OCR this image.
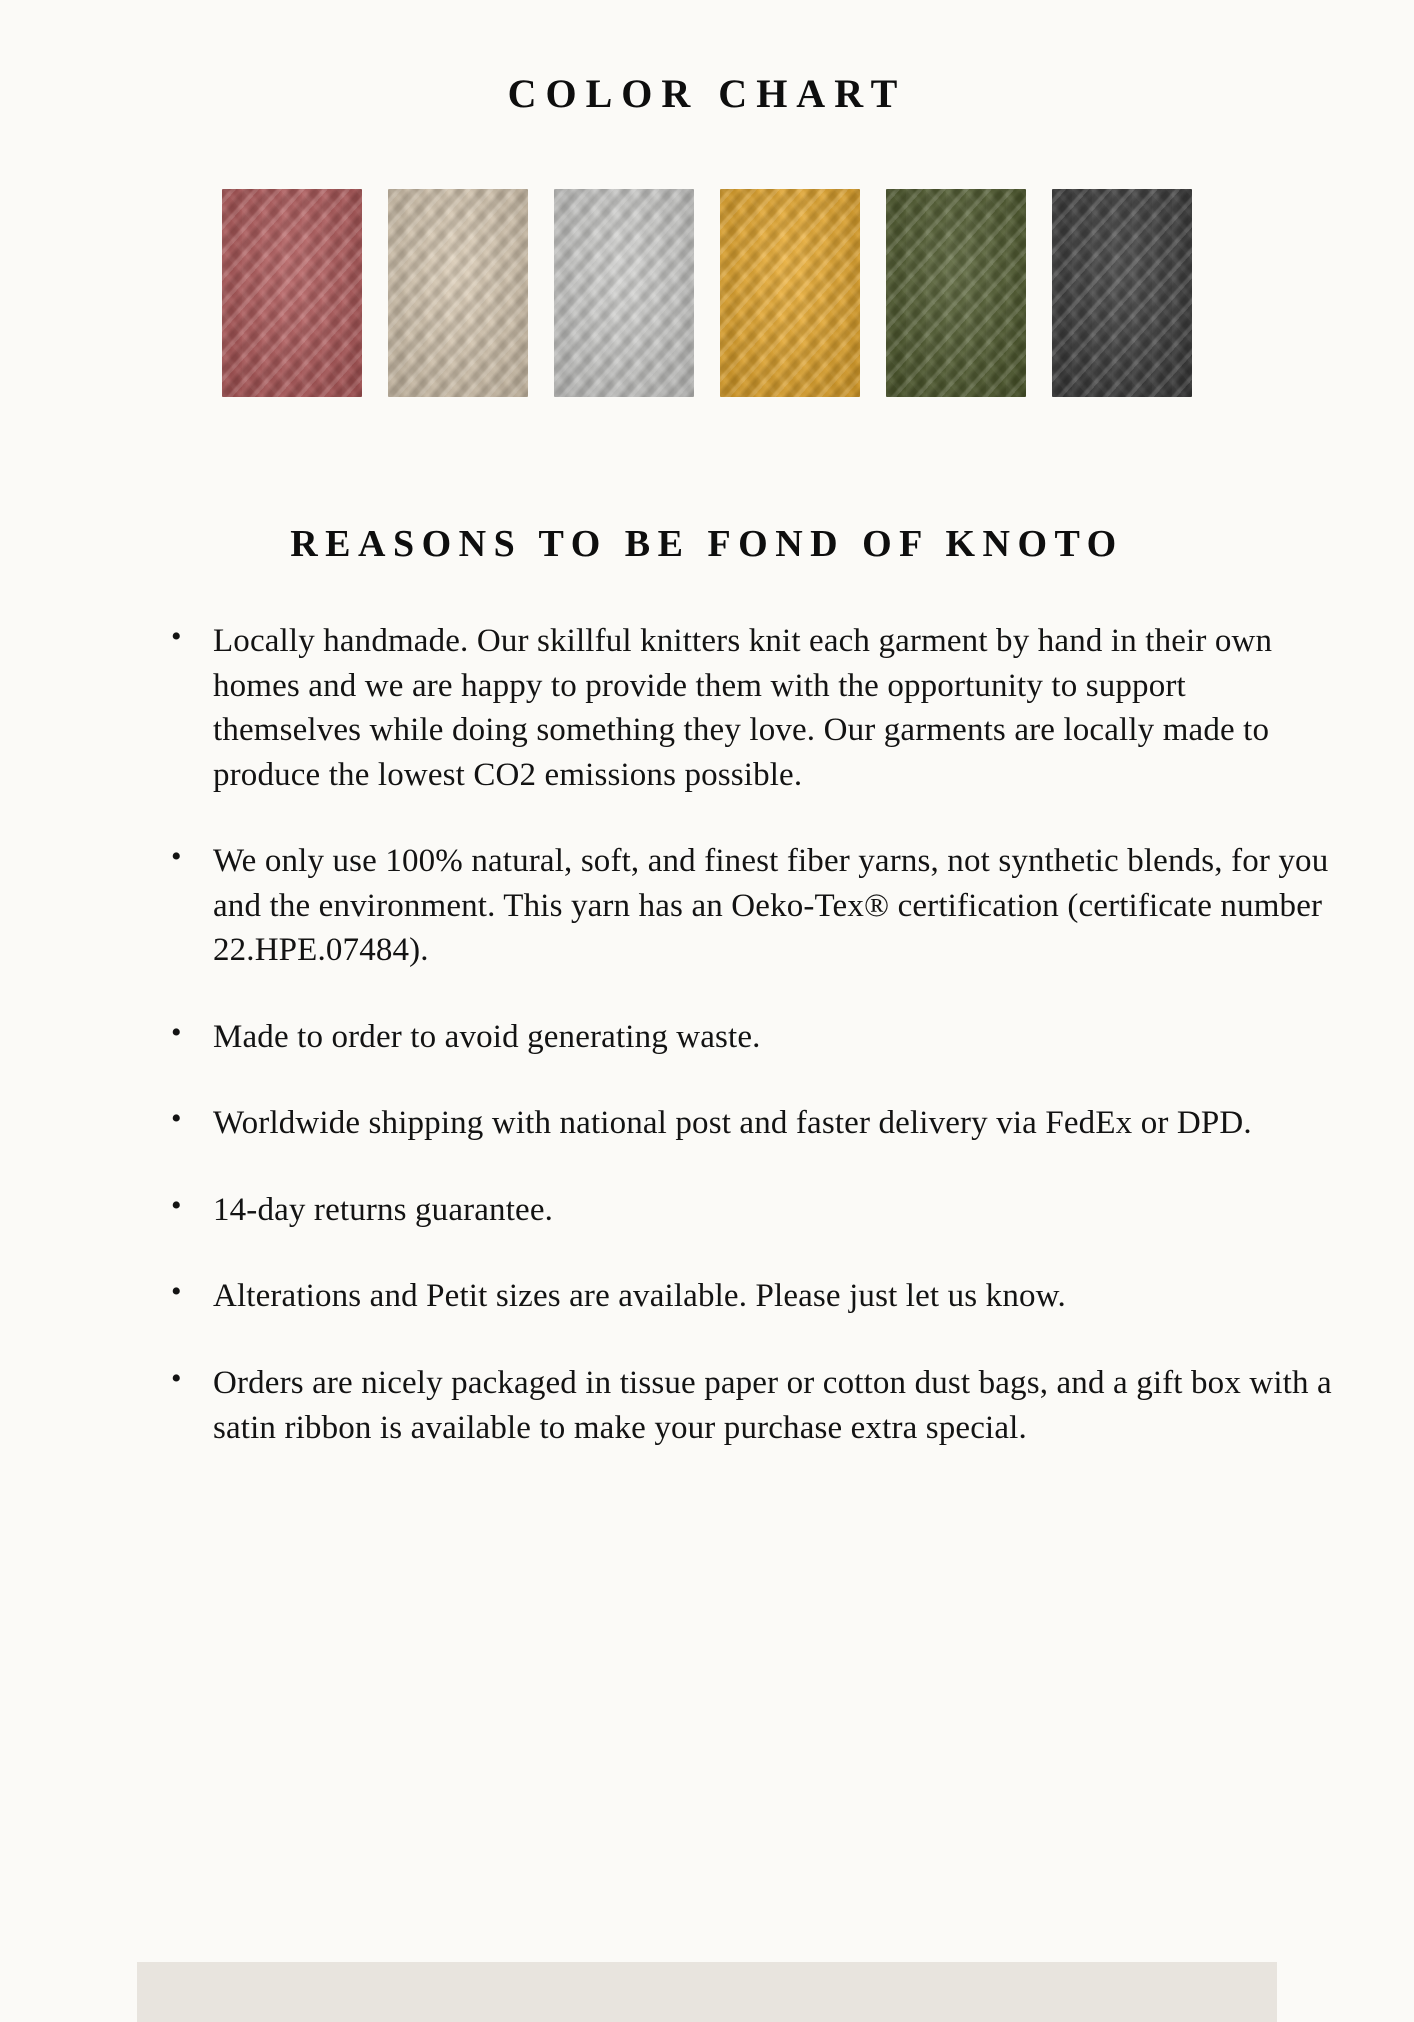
COLOR CHART
REASONS TO BE FOND OF KNOTO
• Locally handmade. Our skillful knitters knit each garment by hand in their own homes and we are happy to provide them with the opportunity to support themselves while doing something they love. Our garments are locally made to produce the lowest CO2 emissions possible.
• We only use 100% natural, soft, and finest fiber yarns, not synthetic blends, for you and the environment. This yarn has an Oeko-Tex® certification (certificate number 22.HPE.07484).
• Made to order to avoid generating waste.
• Worldwide shipping with national post and faster delivery via FedEx or DPD.
• 14-day returns guarantee.
• Alterations and Petit sizes are available. Please just let us know.
• Orders are nicely packaged in tissue paper or cotton dust bags, and a gift box with a satin ribbon is available to make your purchase extra special.
